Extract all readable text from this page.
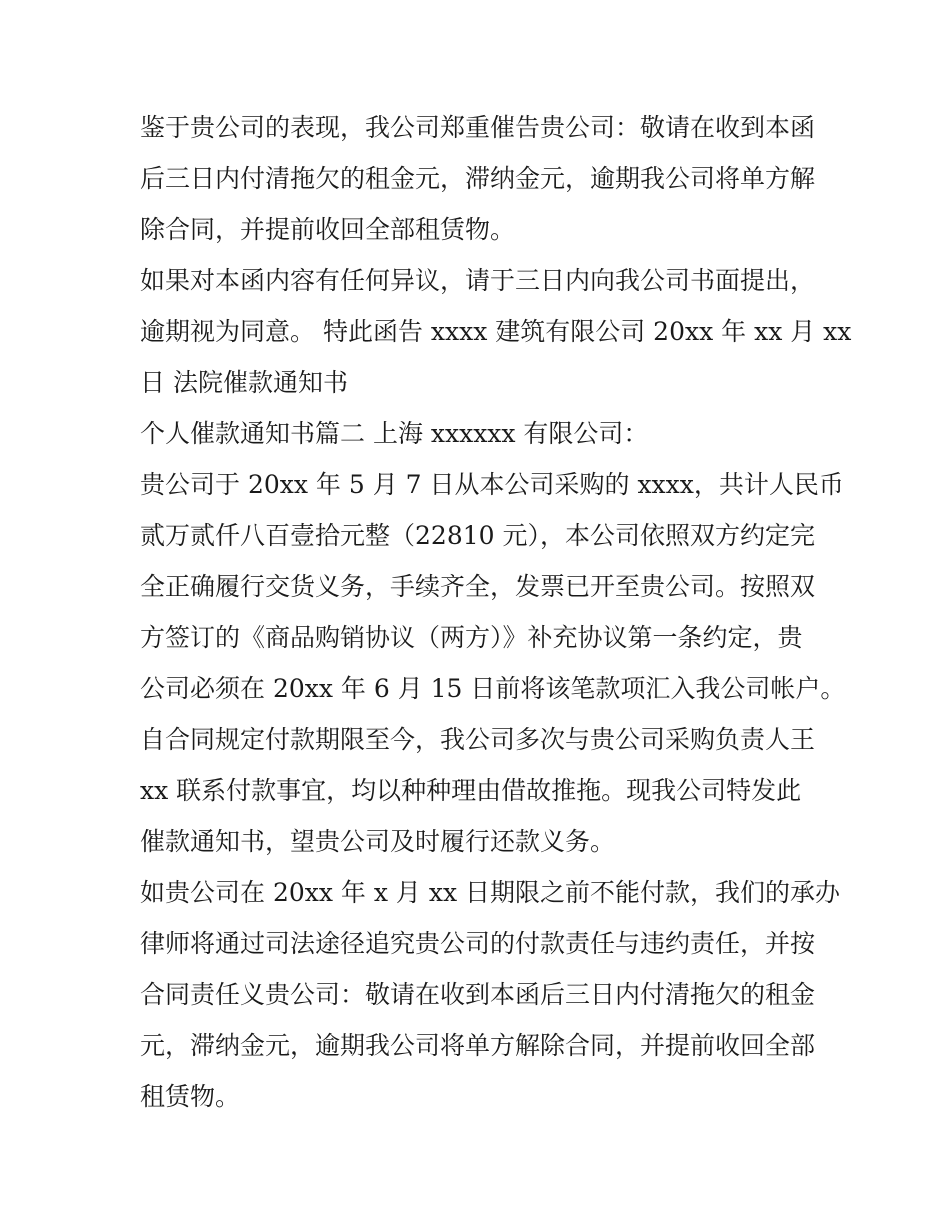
鉴于贵公司的表现，我公司郑重催告贵公司：敬请在收到本函
后三日内付清拖欠的租金元，滞纳金元，逾期我公司将单方解
除合同，并提前收回全部租赁物。
如果对本函内容有任何异议，请于三日内向我公司书面提出，
逾期视为同意。 特此函告 xxxx 建筑有限公司 20xx 年 xx 月 xx
日 法院催款通知书
个人催款通知书篇二 上海 xxxxxx 有限公司：
贵公司于 20xx 年 5 月 7 日从本公司采购的 xxxx，共计人民币
贰万贰仟八百壹拾元整（22810 元），本公司依照双方约定完
全正确履行交货义务，手续齐全，发票已开至贵公司。按照双
方签订的《商品购销协议（两方）》补充协议第一条约定，贵
公司必须在 20xx 年 6 月 15 日前将该笔款项汇入我公司帐户。
自合同规定付款期限至今，我公司多次与贵公司采购负责人王
xx 联系付款事宜，均以种种理由借故推拖。现我公司特发此
催款通知书，望贵公司及时履行还款义务。
如贵公司在 20xx 年 x 月 xx 日期限之前不能付款，我们的承办
律师将通过司法途径追究贵公司的付款责任与违约责任，并按
合同责任义贵公司：敬请在收到本函后三日内付清拖欠的租金
元，滞纳金元，逾期我公司将单方解除合同，并提前收回全部
租赁物。
